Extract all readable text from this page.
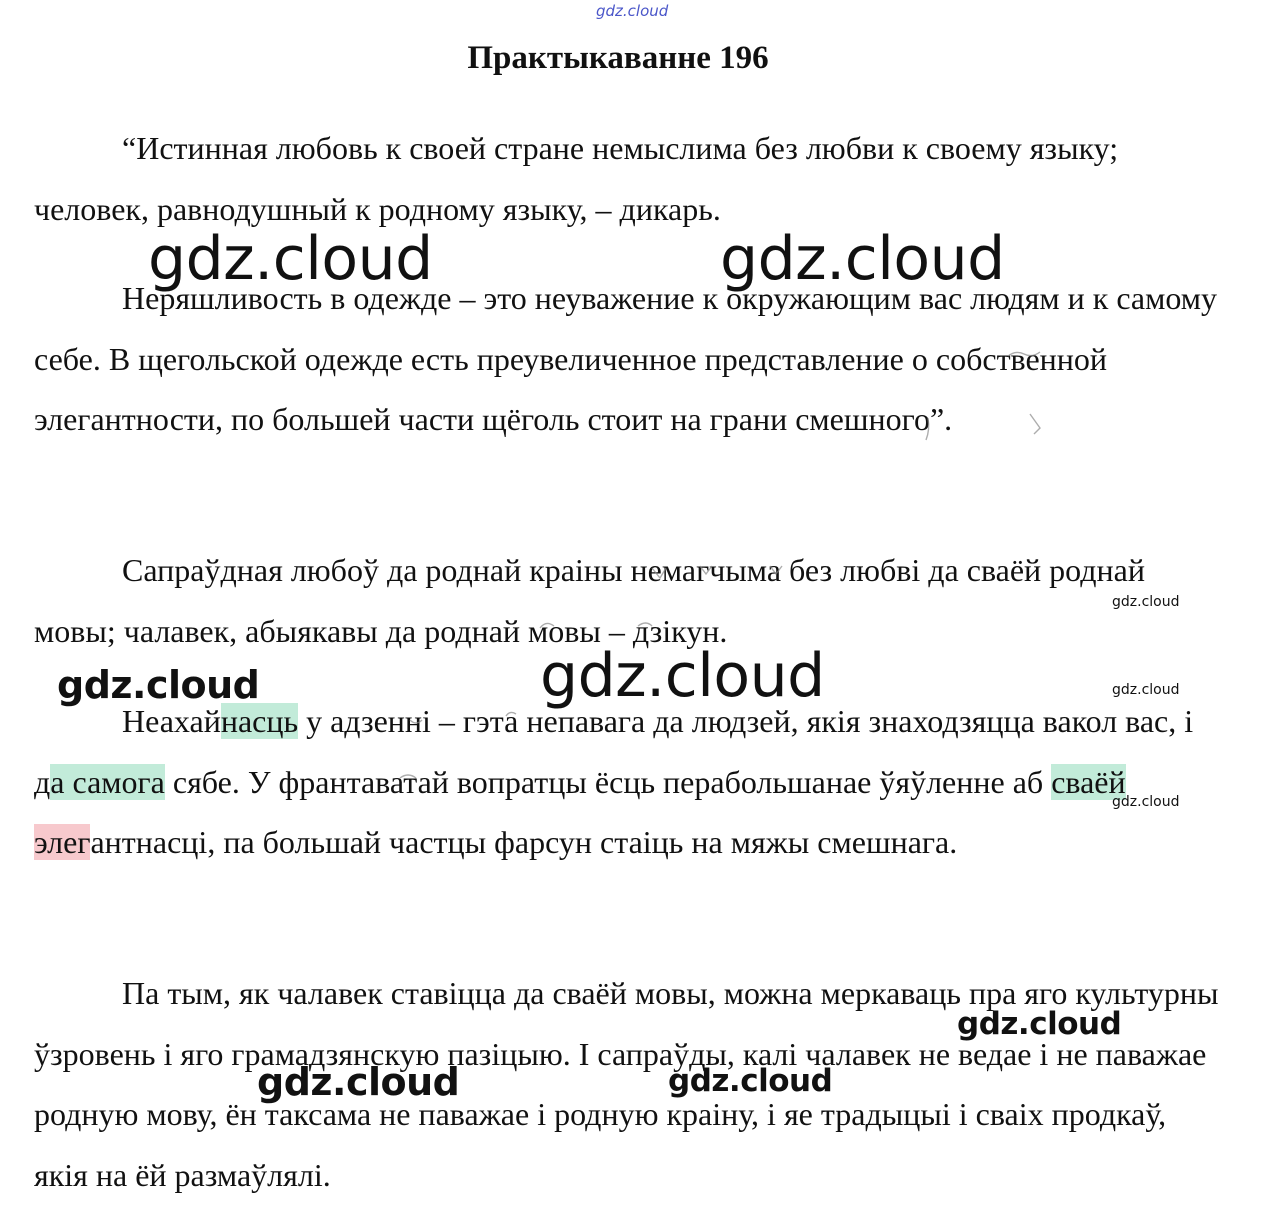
gdz.cloud

Практыкаванне 196

“Истинная любовь к своей стране немыслима без любви к своему языку; человек, равнодушный к родному языку, – дикарь.

Неряшливость в одежде – это неуважение к окружающим вас людям и к самому себе. В щегольской одежде есть преувеличенное представление о собственной элегантности, по большей части щёголь стоит на грани смешного”.

Сапраўдная любоў да роднай краіны немагчыма без любві да сваёй роднай мовы; чалавек, абыякавы да роднай мовы – дзікун.

Неахайнасць у адзенні – гэта непавага да людзей, якія знаходзяцца вакол вас, і да самога сябе. У франтаватай вопратцы ёсць перабольшанае ўяўленне аб сваёй элегантнасці, па большай частцы фарсун стаіць на мяжы смешнага.

Па тым, як чалавек ставіцца да сваёй мовы, можна меркаваць пра яго культурны ўзровень і яго грамадзянскую пазіцыю. І сапраўды, калі чалавек не ведае і не паважае родную мову, ён таксама не паважае і родную краіну, і яе традыцыі і сваіх продкаў, якія на ёй размаўлялі.

gdz.cloud	gdz.cloud

gdz.cloud

gdz.cloud

gdz.cloud	gdz.cloud

gdz.cloud

gdz.cloud

gdz.cloud	gdz.cloud
